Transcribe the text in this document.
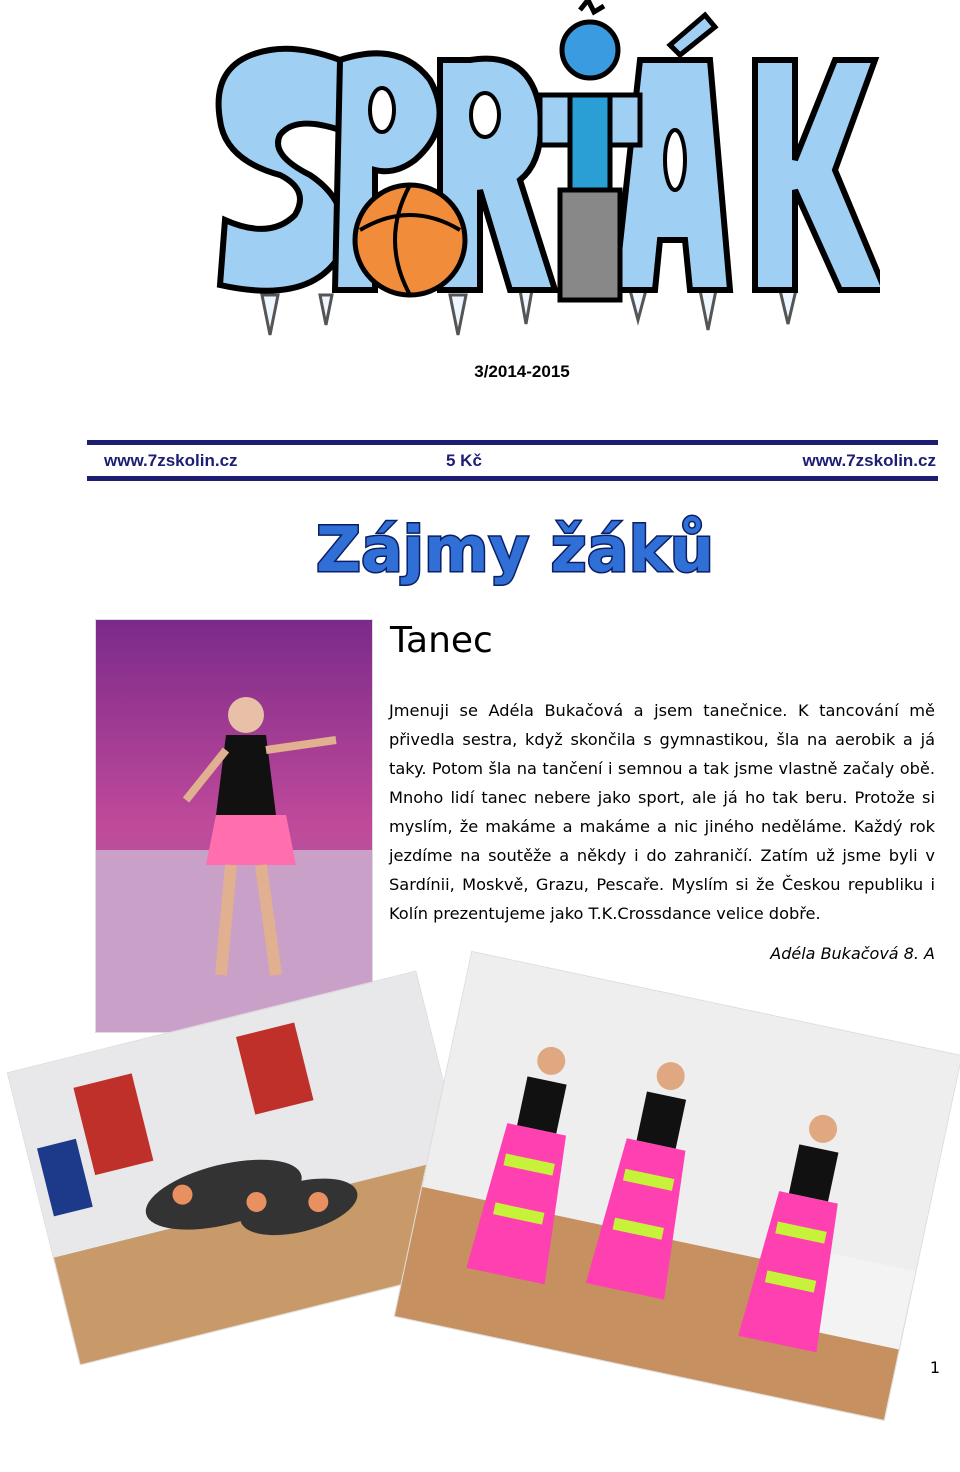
3/2014-2015
www.7zskolin.cz	5 Kč	www.7zskolin.cz
Zájmy žáků
Tanec

Jmenuji se Adéla Bukačová a jsem tanečnice. K tancování mě přivedla sestra, když skončila s gymnastikou, šla na aerobik a já taky. Potom šla na tančení i semnou a tak jsme vlastně začaly obě. Mnoho lidí tanec nebere jako sport, ale já ho tak beru. Protože si myslím, že makáme a makáme a nic jiného neděláme. Každý rok jezdíme na soutěže a někdy i do zahraničí. Zatím už jsme byli v Sardínii, Moskvě, Grazu, Pescaře. Myslím si že Českou republiku i Kolín prezentujeme jako T.K.Crossdance velice dobře.

Adéla Bukačová 8. A
1
